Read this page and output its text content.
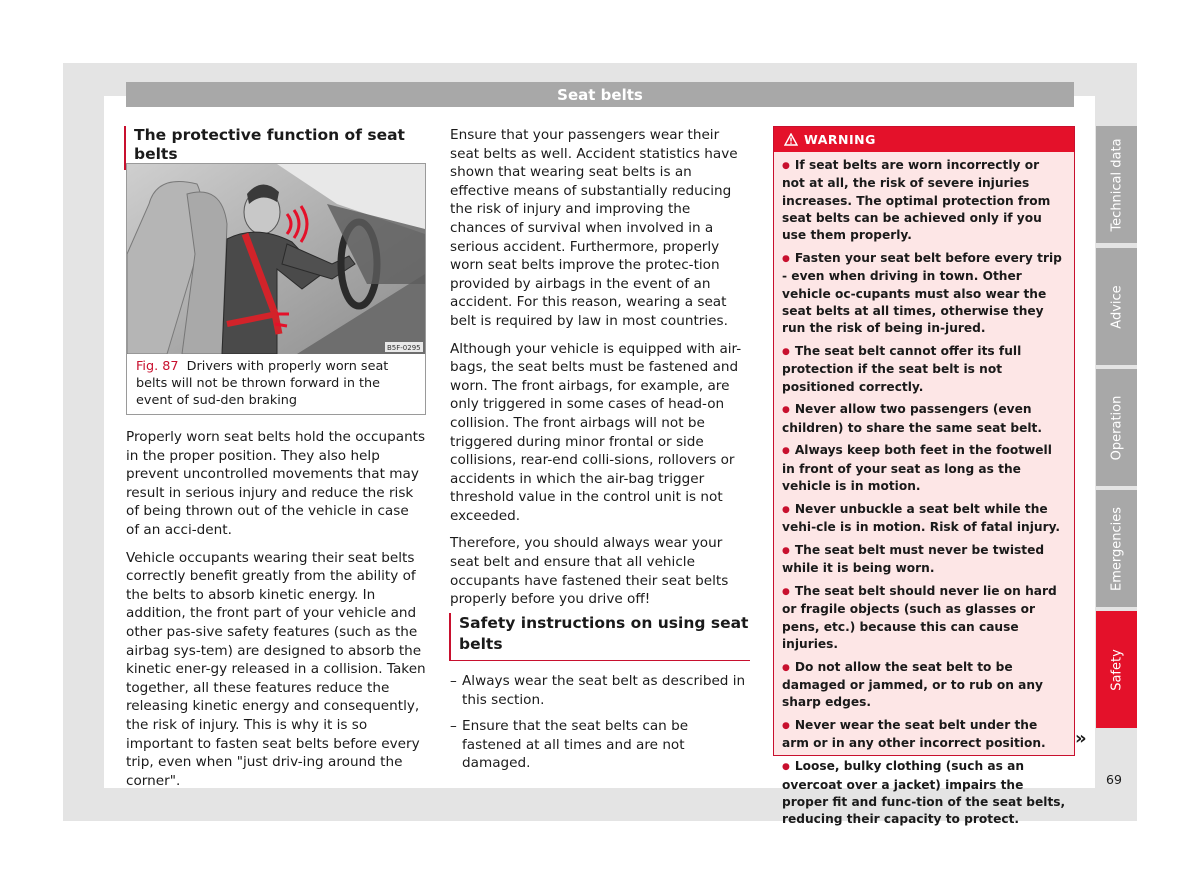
Seat belts
The protective function of seat belts
B5F-0295
Fig. 87 Drivers with properly worn seat belts will not be thrown forward in the event of sud-den braking

Properly worn seat belts hold the occupants in the proper position. They also help prevent uncontrolled movements that may result in serious injury and reduce the risk of being thrown out of the vehicle in case of an acci-dent.

Vehicle occupants wearing their seat belts correctly benefit greatly from the ability of the belts to absorb kinetic energy. In addition, the front part of your vehicle and other pas-sive safety features (such as the airbag sys-tem) are designed to absorb the kinetic ener-gy released in a collision. Taken together, all these features reduce the releasing kinetic energy and consequently, the risk of injury. This is why it is so important to fasten seat belts before every trip, even when "just driv-ing around the corner".

Ensure that your passengers wear their seat belts as well. Accident statistics have shown that wearing seat belts is an effective means of substantially reducing the risk of injury and improving the chances of survival when involved in a serious accident. Furthermore, properly worn seat belts improve the protec-tion provided by airbags in the event of an accident. For this reason, wearing a seat belt is required by law in most countries.

Although your vehicle is equipped with air-bags, the seat belts must be fastened and worn. The front airbags, for example, are only triggered in some cases of head-on collision. The front airbags will not be triggered during minor frontal or side collisions, rear-end colli-sions, rollovers or accidents in which the air-bag trigger threshold value in the control unit is not exceeded.

Therefore, you should always wear your seat belt and ensure that all vehicle occupants have fastened their seat belts properly before you drive off!

Safety instructions on using seat belts
– Always wear the seat belt as described in this section.
– Ensure that the seat belts can be fastened at all times and are not damaged.
WARNING
● If seat belts are worn incorrectly or not at all, the risk of severe injuries increases. The optimal protection from seat belts can be achieved only if you use them properly.
● Fasten your seat belt before every trip - even when driving in town. Other vehicle oc-cupants must also wear the seat belts at all times, otherwise they run the risk of being in-jured.
● The seat belt cannot offer its full protection if the seat belt is not positioned correctly.
● Never allow two passengers (even children) to share the same seat belt.
● Always keep both feet in the footwell in front of your seat as long as the vehicle is in motion.
● Never unbuckle a seat belt while the vehi-cle is in motion. Risk of fatal injury.
● The seat belt must never be twisted while it is being worn.
● The seat belt should never lie on hard or fragile objects (such as glasses or pens, etc.) because this can cause injuries.
● Do not allow the seat belt to be damaged or jammed, or to rub on any sharp edges.
● Never wear the seat belt under the arm or in any other incorrect position.
● Loose, bulky clothing (such as an overcoat over a jacket) impairs the proper fit and func-tion of the seat belts, reducing their capacity to protect.
»
Technical data
Advice
Operation
Emergencies
Safety
69
